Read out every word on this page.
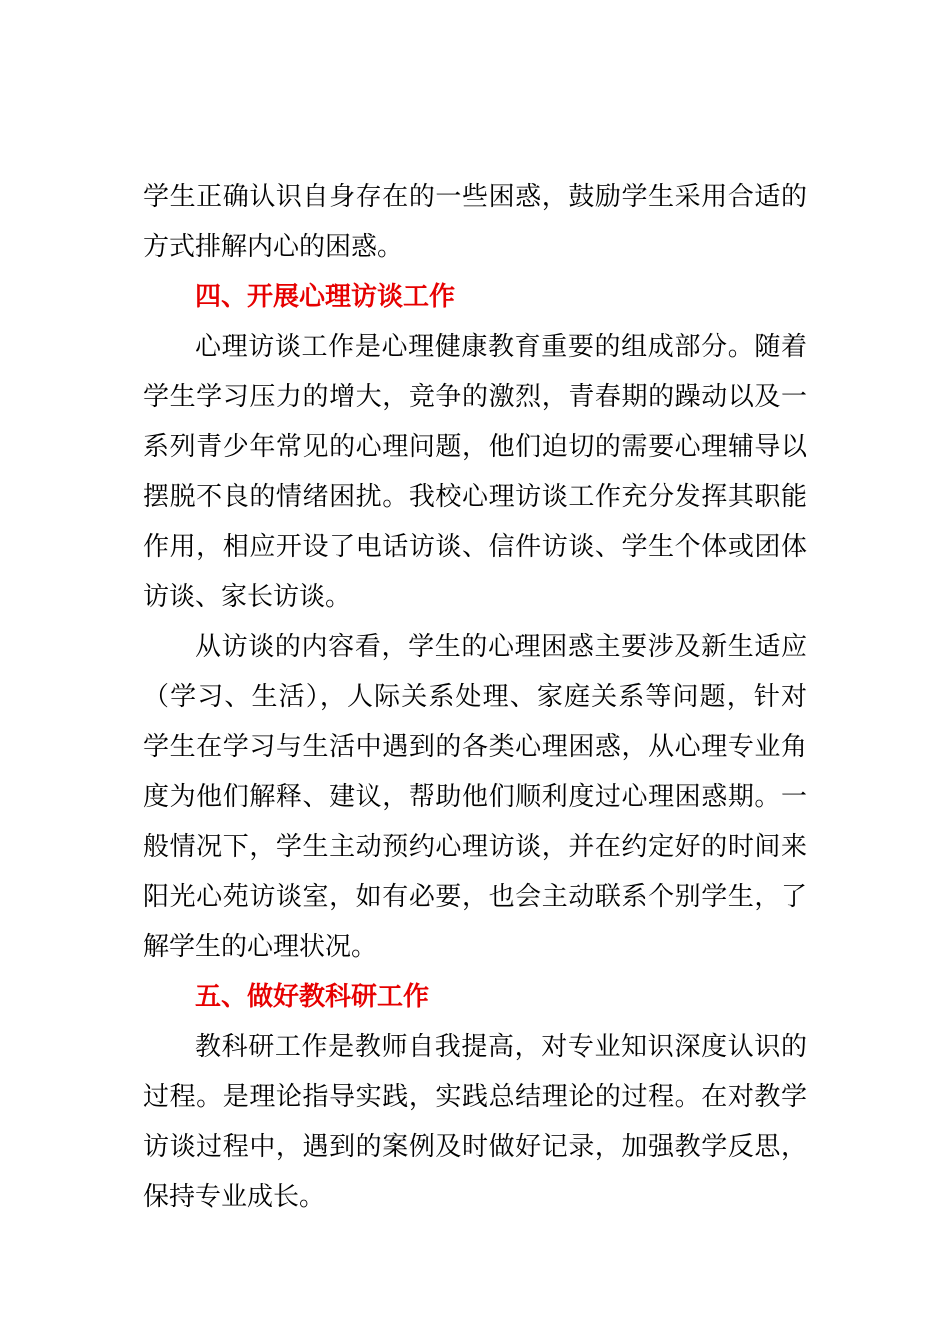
学生正确认识自身存在的一些困惑，鼓励学生采用合适的
方式排解内心的困惑。
四、开展心理访谈工作
心理访谈工作是心理健康教育重要的组成部分。随着
学生学习压力的增大，竞争的激烈，青春期的躁动以及一
系列青少年常见的心理问题，他们迫切的需要心理辅导以
摆脱不良的情绪困扰。我校心理访谈工作充分发挥其职能
作用，相应开设了电话访谈、信件访谈、学生个体或团体
访谈、家长访谈。
从访谈的内容看，学生的心理困惑主要涉及新生适应
（学习、生活），人际关系处理、家庭关系等问题，针对
学生在学习与生活中遇到的各类心理困惑，从心理专业角
度为他们解释、建议，帮助他们顺利度过心理困惑期。一
般情况下，学生主动预约心理访谈，并在约定好的时间来
阳光心苑访谈室，如有必要，也会主动联系个别学生，了
解学生的心理状况。
五、做好教科研工作
教科研工作是教师自我提高，对专业知识深度认识的
过程。是理论指导实践，实践总结理论的过程。在对教学
访谈过程中，遇到的案例及时做好记录，加强教学反思，
保持专业成长。
